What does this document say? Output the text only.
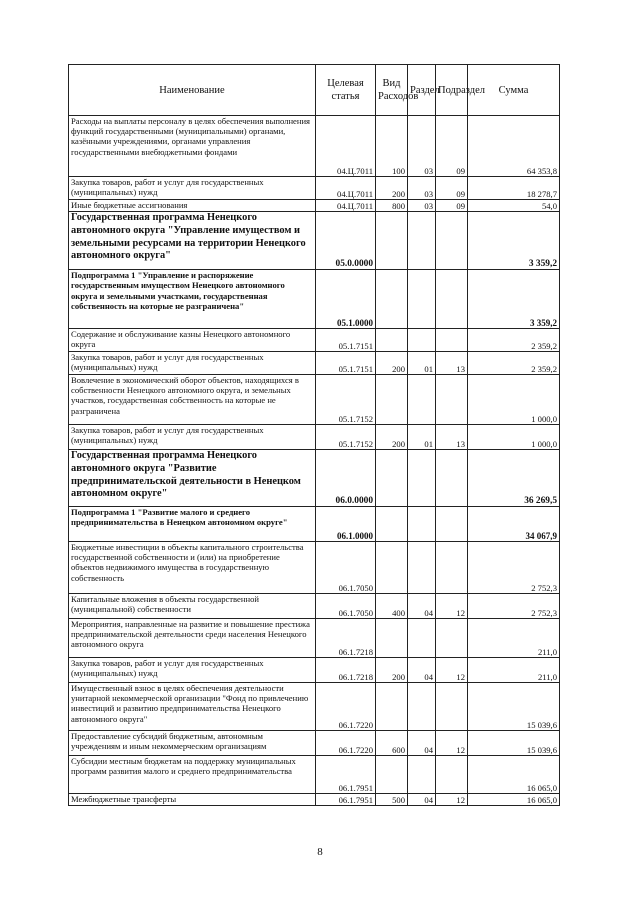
Наименование	Целевая статья	Вид Расходов	Раздел	Подраздел	Сумма
Расходы на выплаты персоналу в целях обеспечения выполнения функций государственными (муниципальными) органами, казёнными учреждениями, органами управления государственными внебюджетными фондами	04.Ц.7011	100	03	09	64 353,8
Закупка товаров, работ и услуг для государственных (муниципальных) нужд	04.Ц.7011	200	03	09	18 278,7
Иные бюджетные ассигнования	04.Ц.7011	800	03	09	54,0
Государственная программа Ненецкого автономного округа "Управление имуществом и земельными ресурсами на территории Ненецкого автономного округа"	05.0.0000				3 359,2
Подпрограмма 1 "Управление и распоряжение государственным имуществом Ненецкого автономного округа и земельными участками, государственная собственность на которые не разграничена"	05.1.0000				3 359,2
Содержание и обслуживание казны Ненецкого автономного округа	05.1.7151				2 359,2
Закупка товаров, работ и услуг для государственных (муниципальных) нужд	05.1.7151	200	01	13	2 359,2
Вовлечение в экономический оборот объектов, находящихся в собственности Ненецкого автономного округа, и земельных участков, государственная собственность на которые не разграничена	05.1.7152				1 000,0
Закупка товаров, работ и услуг для государственных (муниципальных) нужд	05.1.7152	200	01	13	1 000,0
Государственная программа Ненецкого автономного округа "Развитие предпринимательской деятельности в Ненецком автономном округе"	06.0.0000				36 269,5
Подпрограмма 1 "Развитие малого и среднего предпринимательства в Ненецком автономном округе"	06.1.0000				34 067,9
Бюджетные инвестиции в объекты капитального строительства государственной собственности и (или) на приобретение объектов недвижимого имущества в государственную собственность	06.1.7050				2 752,3
Капитальные вложения в объекты государственной (муниципальной) собственности	06.1.7050	400	04	12	2 752,3
Мероприятия, направленные на развитие и повышение престижа предпринимательской деятельности среди населения Ненецкого автономного округа	06.1.7218				211,0
Закупка товаров, работ и услуг для государственных (муниципальных) нужд	06.1.7218	200	04	12	211,0
Имущественный взнос в целях обеспечения деятельности унитарной некоммерческой организации "Фонд по привлечению инвестиций и развитию предпринимательства Ненецкого автономного округа"	06.1.7220				15 039,6
Предоставление субсидий бюджетным, автономным учреждениям и иным некоммерческим организациям	06.1.7220	600	04	12	15 039,6
Субсидии местным бюджетам на поддержку муниципальных программ развития малого и среднего предпринимательства	06.1.7951				16 065,0
Межбюджетные трансферты	06.1.7951	500	04	12	16 065,0
8
